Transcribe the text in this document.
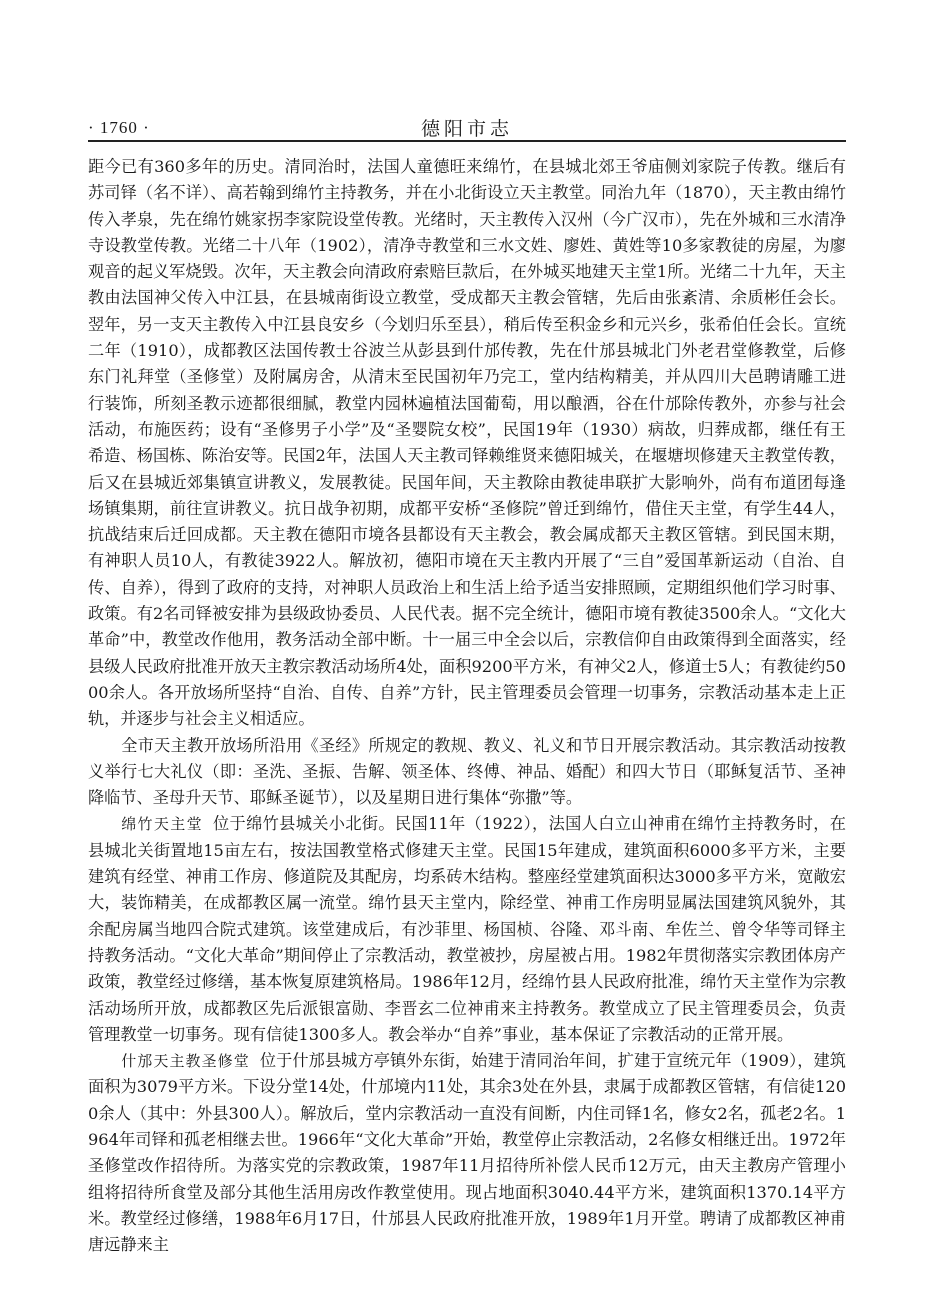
· 1760 ·	德阳市志

距今已有360多年的历史。清同治时，法国人童德旺来绵竹，在县城北郊王爷庙侧刘家院子传教。继后有苏司铎（名不详）、高若翰到绵竹主持教务，并在小北街设立天主教堂。同治九年（1870），天主教由绵竹传入孝泉，先在绵竹姚家拐李家院设堂传教。光绪时，天主教传入汉州（今广汉市），先在外城和三水清净寺设教堂传教。光绪二十八年（1902），清净寺教堂和三水文姓、廖姓、黄姓等10多家教徒的房屋，为廖观音的起义军烧毁。次年，天主教会向清政府索赔巨款后，在外城买地建天主堂1所。光绪二十九年，天主教由法国神父传入中江县，在县城南街设立教堂，受成都天主教会管辖，先后由张紊清、余质彬任会长。翌年，另一支天主教传入中江县良安乡（今划归乐至县），稍后传至积金乡和元兴乡，张希伯任会长。宣统二年（1910），成都教区法国传教士谷波兰从彭县到什邡传教，先在什邡县城北门外老君堂修教堂，后修东门礼拜堂（圣修堂）及附属房舍，从清末至民国初年乃完工，堂内结构精美，并从四川大邑聘请雕工进行装饰，所刻圣教示迹都很细腻，教堂内园林遍植法国葡萄，用以酿酒，谷在什邡除传教外，亦参与社会活动，布施医药；设有“圣修男子小学”及“圣婴院女校”，民国19年（1930）病故，归葬成都，继任有王希造、杨国栋、陈治安等。民国2年，法国人天主教司铎赖维贤来德阳城关，在堰塘坝修建天主教堂传教，后又在县城近郊集镇宣讲教义，发展教徒。民国年间，天主教除由教徒串联扩大影响外，尚有布道团每逢场镇集期，前往宣讲教义。抗日战争初期，成都平安桥“圣修院”曾迁到绵竹，借住天主堂，有学生44人，抗战结束后迁回成都。天主教在德阳市境各县都设有天主教会，教会属成都天主教区管辖。到民国末期，有神职人员10人，有教徒3922人。解放初，德阳市境在天主教内开展了“三自”爱国革新运动（自治、自传、自养），得到了政府的支持，对神职人员政治上和生活上给予适当安排照顾，定期组织他们学习时事、政策。有2名司铎被安排为县级政协委员、人民代表。据不完全统计，德阳市境有教徒3500余人。“文化大革命”中，教堂改作他用，教务活动全部中断。十一届三中全会以后，宗教信仰自由政策得到全面落实，经县级人民政府批准开放天主教宗教活动场所4处，面积9200平方米，有神父2人，修道士5人；有教徒约5000余人。各开放场所坚持“自治、自传、自养”方针，民主管理委员会管理一切事务，宗教活动基本走上正轨，并逐步与社会主义相适应。

全市天主教开放场所沿用《圣经》所规定的教规、教义、礼义和节日开展宗教活动。其宗教活动按教义举行七大礼仪（即：圣洗、圣振、告解、领圣体、终傅、神品、婚配）和四大节日（耶稣复活节、圣神降临节、圣母升天节、耶稣圣诞节），以及星期日进行集体“弥撒”等。

绵竹天主堂 位于绵竹县城关小北街。民国11年（1922），法国人白立山神甫在绵竹主持教务时，在县城北关街置地15亩左右，按法国教堂格式修建天主堂。民国15年建成，建筑面积6000多平方米，主要建筑有经堂、神甫工作房、修道院及其配房，均系砖木结构。整座经堂建筑面积达3000多平方米，宽敞宏大，装饰精美，在成都教区属一流堂。绵竹县天主堂内，除经堂、神甫工作房明显属法国建筑风貌外，其余配房属当地四合院式建筑。该堂建成后，有沙菲里、杨国桢、谷隆、邓斗南、牟佐兰、曾令华等司铎主持教务活动。“文化大革命”期间停止了宗教活动，教堂被抄，房屋被占用。1982年贯彻落实宗教团体房产政策，教堂经过修缮，基本恢复原建筑格局。1986年12月，经绵竹县人民政府批准，绵竹天主堂作为宗教活动场所开放，成都教区先后派银富勋、李晋玄二位神甫来主持教务。教堂成立了民主管理委员会，负责管理教堂一切事务。现有信徒1300多人。教会举办“自养”事业，基本保证了宗教活动的正常开展。

什邡天主教圣修堂 位于什邡县城方亭镇外东街，始建于清同治年间，扩建于宣统元年（1909），建筑面积为3079平方米。下设分堂14处，什邡境内11处，其余3处在外县，隶属于成都教区管辖，有信徒1200余人（其中：外县300人）。解放后，堂内宗教活动一直没有间断，内住司铎1名，修女2名，孤老2名。1964年司铎和孤老相继去世。1966年“文化大革命”开始，教堂停止宗教活动，2名修女相继迁出。1972年圣修堂改作招待所。为落实党的宗教政策，1987年11月招待所补偿人民币12万元，由天主教房产管理小组将招待所食堂及部分其他生活用房改作教堂使用。现占地面积3040.44平方米，建筑面积1370.14平方米。教堂经过修缮，1988年6月17日，什邡县人民政府批准开放，1989年1月开堂。聘请了成都教区神甫唐远静来主
